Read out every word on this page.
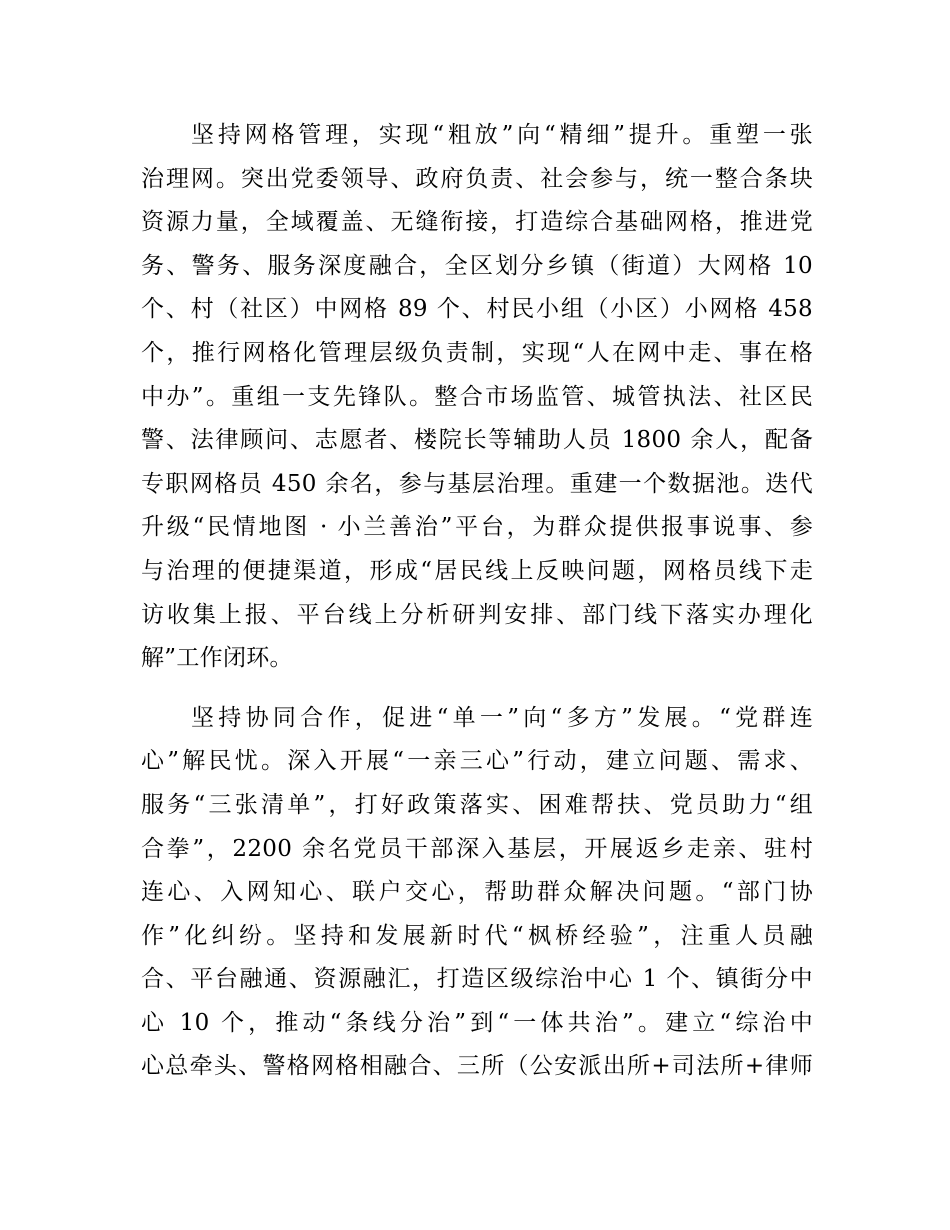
坚持网格管理，实现“粗放”向“精细”提升。重塑一张
治理网。突出党委领导、政府负责、社会参与，统一整合条块
资源力量，全域覆盖、无缝衔接，打造综合基础网格，推进党
务、警务、服务深度融合，全区划分乡镇（街道）大网格 10
个、村（社区）中网格 89 个、村民小组（小区）小网格 458
个，推行网格化管理层级负责制，实现“人在网中走、事在格
中办”。重组一支先锋队。整合市场监管、城管执法、社区民
警、法律顾问、志愿者、楼院长等辅助人员 1800 余人，配备
专职网格员 450 余名，参与基层治理。重建一个数据池。迭代
升级“民情地图 · 小兰善治”平台，为群众提供报事说事、参
与治理的便捷渠道，形成“居民线上反映问题，网格员线下走
访收集上报、平台线上分析研判安排、部门线下落实办理化
解”工作闭环。
坚持协同合作，促进“单一”向“多方”发展。“党群连
心”解民忧。深入开展“一亲三心”行动，建立问题、需求、
服务“三张清单”，打好政策落实、困难帮扶、党员助力“组
合拳”，2200 余名党员干部深入基层，开展返乡走亲、驻村
连心、入网知心、联户交心，帮助群众解决问题。“部门协
作”化纠纷。坚持和发展新时代“枫桥经验”，注重人员融
合、平台融通、资源融汇，打造区级综治中心 1 个、镇街分中
心 10 个，推动“条线分治”到“一体共治”。建立“综治中
心总牵头、警格网格相融合、三所（公安派出所+司法所+律师
